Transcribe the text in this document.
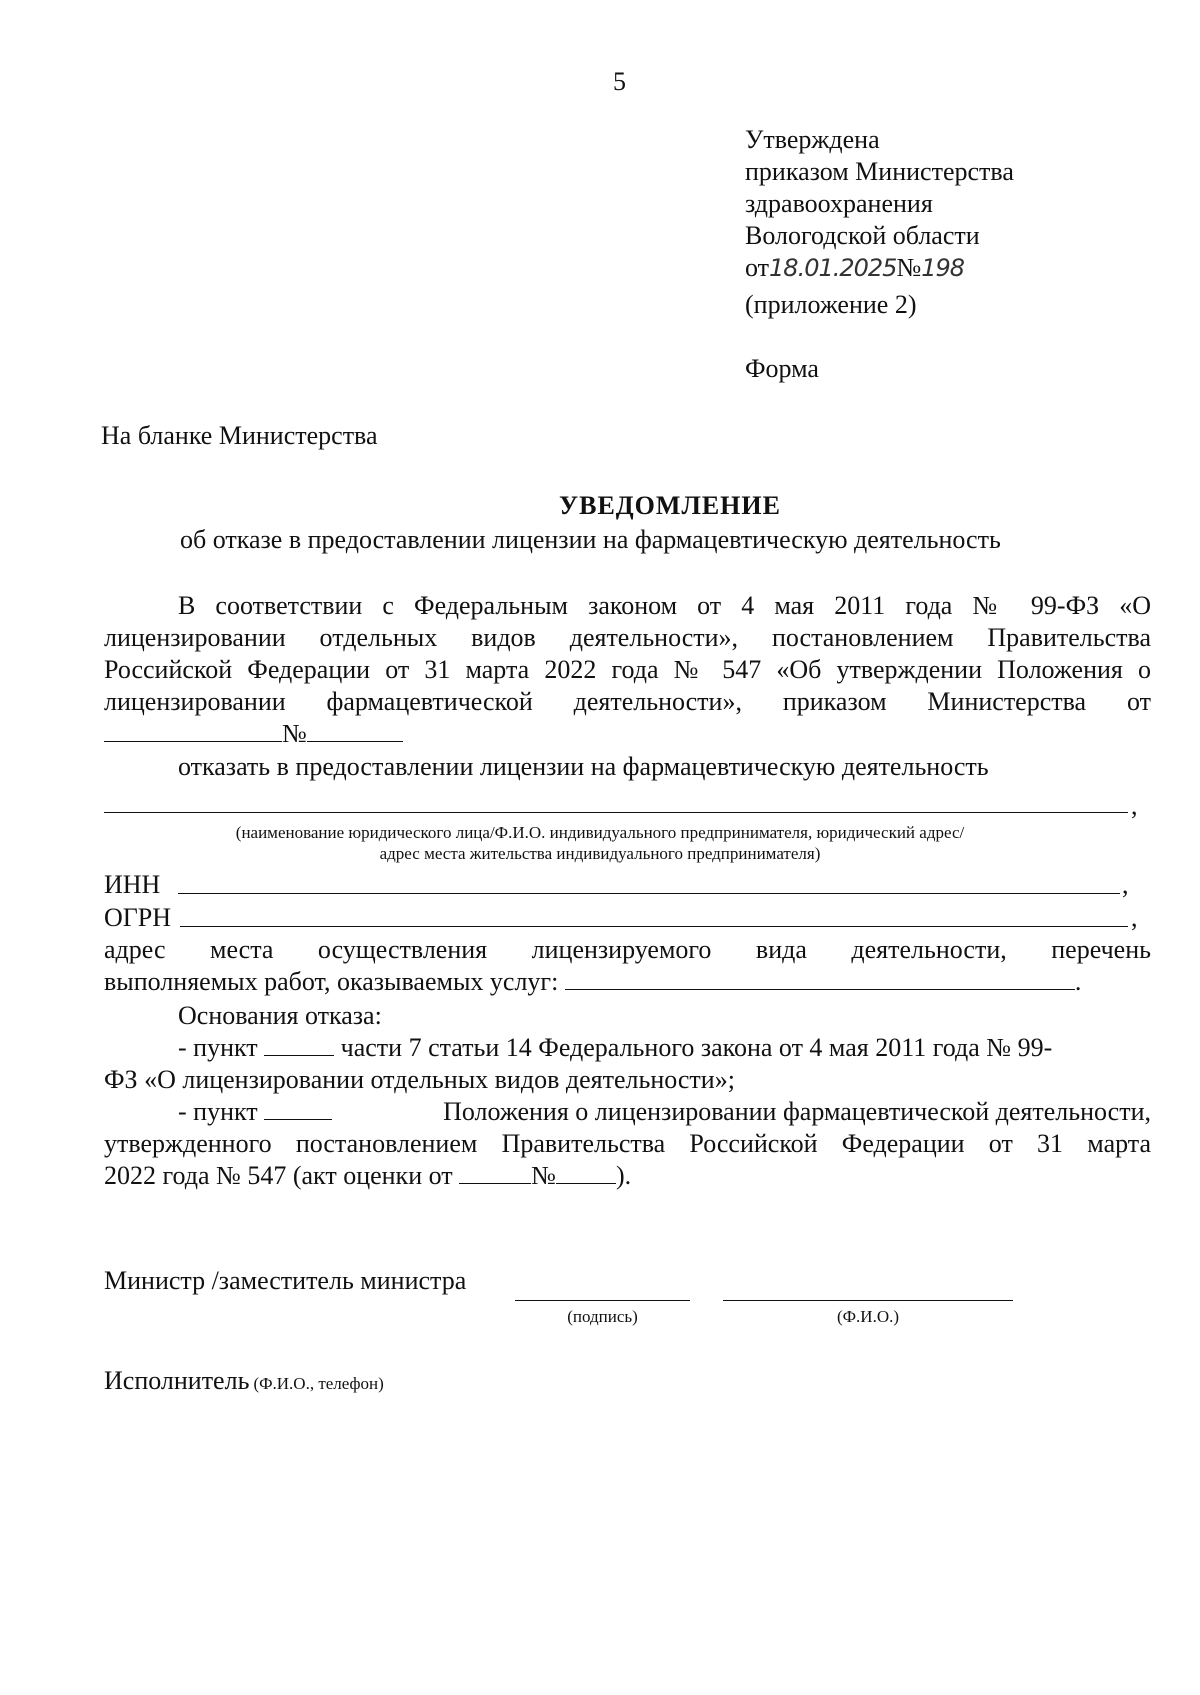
5
Утверждена
приказом Министерства
здравоохранения
Вологодской области
от18.01.2025№198
(приложение 2)
Форма
На бланке Министерства
УВЕДОМЛЕНИЕ
об отказе в предоставлении лицензии на фармацевтическую деятельность
В соответствии с Федеральным законом от 4 мая 2011 года № 99-ФЗ «О
лицензировании отдельных видов деятельности», постановлением Правительства
Российской Федерации от 31 марта 2022 года № 547 «Об утверждении Положения о
лицензировании фармацевтической деятельности», приказом Министерства от
№
отказать в предоставлении лицензии на фармацевтическую деятельность
,
(наименование юридического лица/Ф.И.О. индивидуального предпринимателя, юридический адрес/
адрес места жительства индивидуального предпринимателя)
ИНН	,
ОГРН	,
адрес места осуществления лицензируемого вида деятельности, перечень
выполняемых работ, оказываемых услуг:	.
Основания отказа:
- пункт	части 7 статьи 14 Федерального закона от 4 мая 2011 года № 99-
ФЗ «О лицензировании отдельных видов деятельности»;
- пункт	Положения о лицензировании фармацевтической деятельности,
утвержденного постановлением Правительства Российской Федерации от 31 марта
2022 года № 547 (акт оценки от	№ ).
Министр /заместитель министра
(подпись)	(Ф.И.О.)
Исполнитель (Ф.И.О., телефон)
